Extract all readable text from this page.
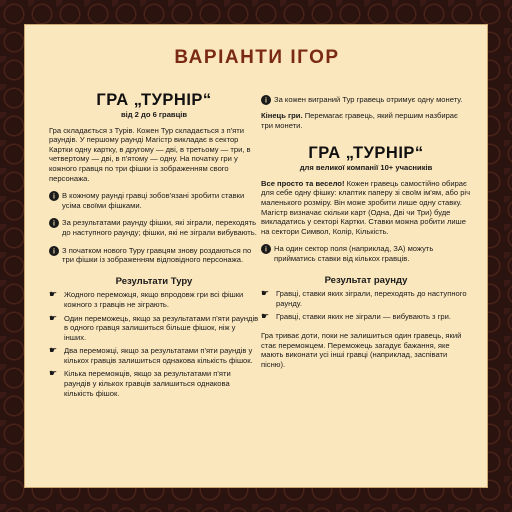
ВАРІАНТИ ІГОР
ГРА „ТУРНІР“
від 2 до 6 гравців

Гра складається з Турів. Кожен Тур складається з п'яти раундів. У першому раунді Магістр викладає в сектор Картки одну картку, в другому — дві, в третьому — три, в четвертому — дві, в п'ятому — одну. На початку гри у кожного гравця по три фішки із зображенням свого персонажа.

i В кожному раунді гравці зобов'язані зробити ставки усіма своїми фішками.
i За результатами раунду фішки, які зіграли, переходять до наступного раунду; фішки, які не зіграли вибувають.
i З початком нового Туру гравцям знову роздаються по три фішки із зображенням відповідного персонажа.
Результати Туру
☛ Жодного переможця, якщо впродовж гри всі фішки кожного з гравців не зіграють.
☛ Один переможець, якщо за результатами п'яти раундів в одного гравця залишиться більше фішок, ніж у інших.
☛ Два переможці, якщо за результатами п'яти раундів у кількох гравців залишиться однакова кількість фішок.
☛ Кілька переможців, якщо за результатами п'яти раундів у кількох гравців залишиться однакова кількість фішок.
i За кожен виграний Тур гравець отримує одну монету.

Кінець гри. Перемагає гравець, який першим назбирає три монети.

ГРА „ТУРНІР“
для великої компанії 10+ учасників

Все просто та весело! Кожен гравець самостійно обирає для себе одну фішку: клаптик паперу зі своїм ім'ям, або річ маленького розміру. Він може зробити лише одну ставку. Магістр визначає скільки карт (Одна, Дві чи Три) буде викладатись у секторі Картки. Ставки можна робити лише на сектори Символ, Колір, Кількість.

i На один сектор поля (наприклад, ЗА) можуть прийматись ставки від кількох гравців.
Результат раунду
☛ Гравці, ставки яких зіграли, переходять до наступного раунду.
☛ Гравці, ставки яких не зіграли — вибувають з гри.

Гра триває доти, поки не залишиться один гравець, який стає переможцем. Переможець загадує бажання, яке мають виконати усі інші гравці (наприклад, заспівати пісню).
